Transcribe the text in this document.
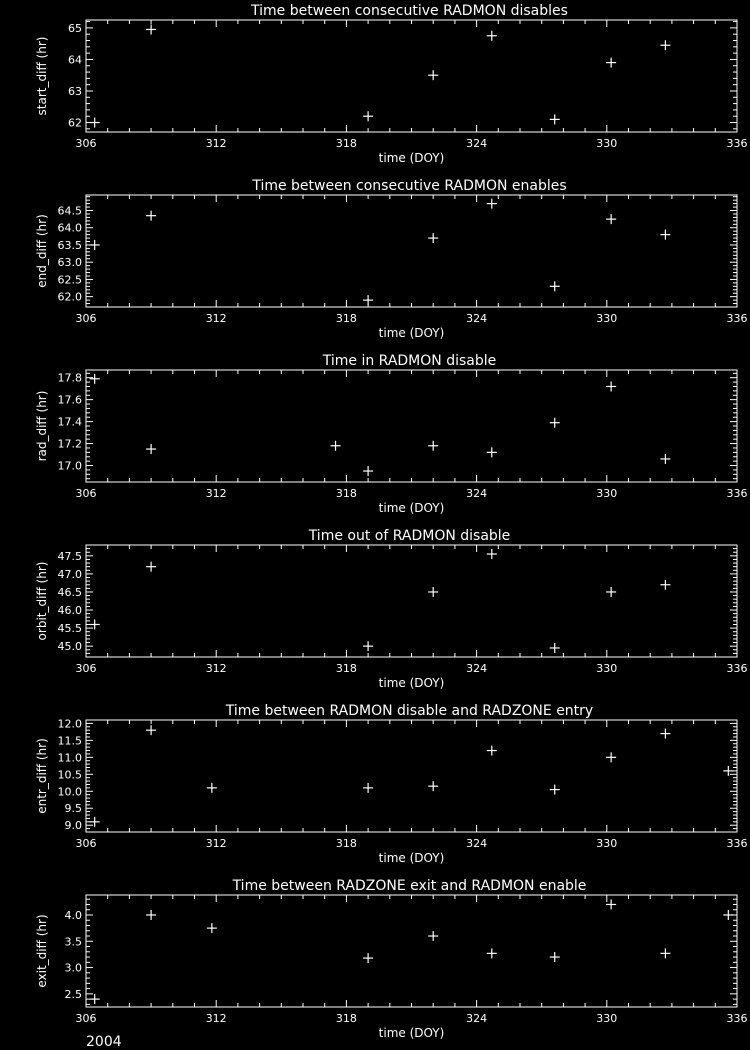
Time between consecutive RADMON disables
306	312	318	324	330	336
62
63
64
65
time (DOY)
start_diff (hr)
Time between consecutive RADMON enables
306	312	318	324	330	336
62.0
62.5
63.0
63.5
64.0
64.5
time (DOY)
end_diff (hr)
Time in RADMON disable
306	312	318	324	330	336
17.0
17.2
17.4
17.6
17.8
time (DOY)
rad_diff (hr)
Time out of RADMON disable
306	312	318	324	330	336
45.0
45.5
46.0
46.5
47.0
47.5
time (DOY)
orbit_diff (hr)
Time between RADMON disable and RADZONE entry
306	312	318	324	330	336
9.0
9.5
10.0
10.5
11.0
11.5
12.0
time (DOY)
entr_diff (hr)
Time between RADZONE exit and RADMON enable
306	312	318	324	330	336
2.5
3.0
3.5
4.0
time (DOY)
exit_diff (hr)
2004
